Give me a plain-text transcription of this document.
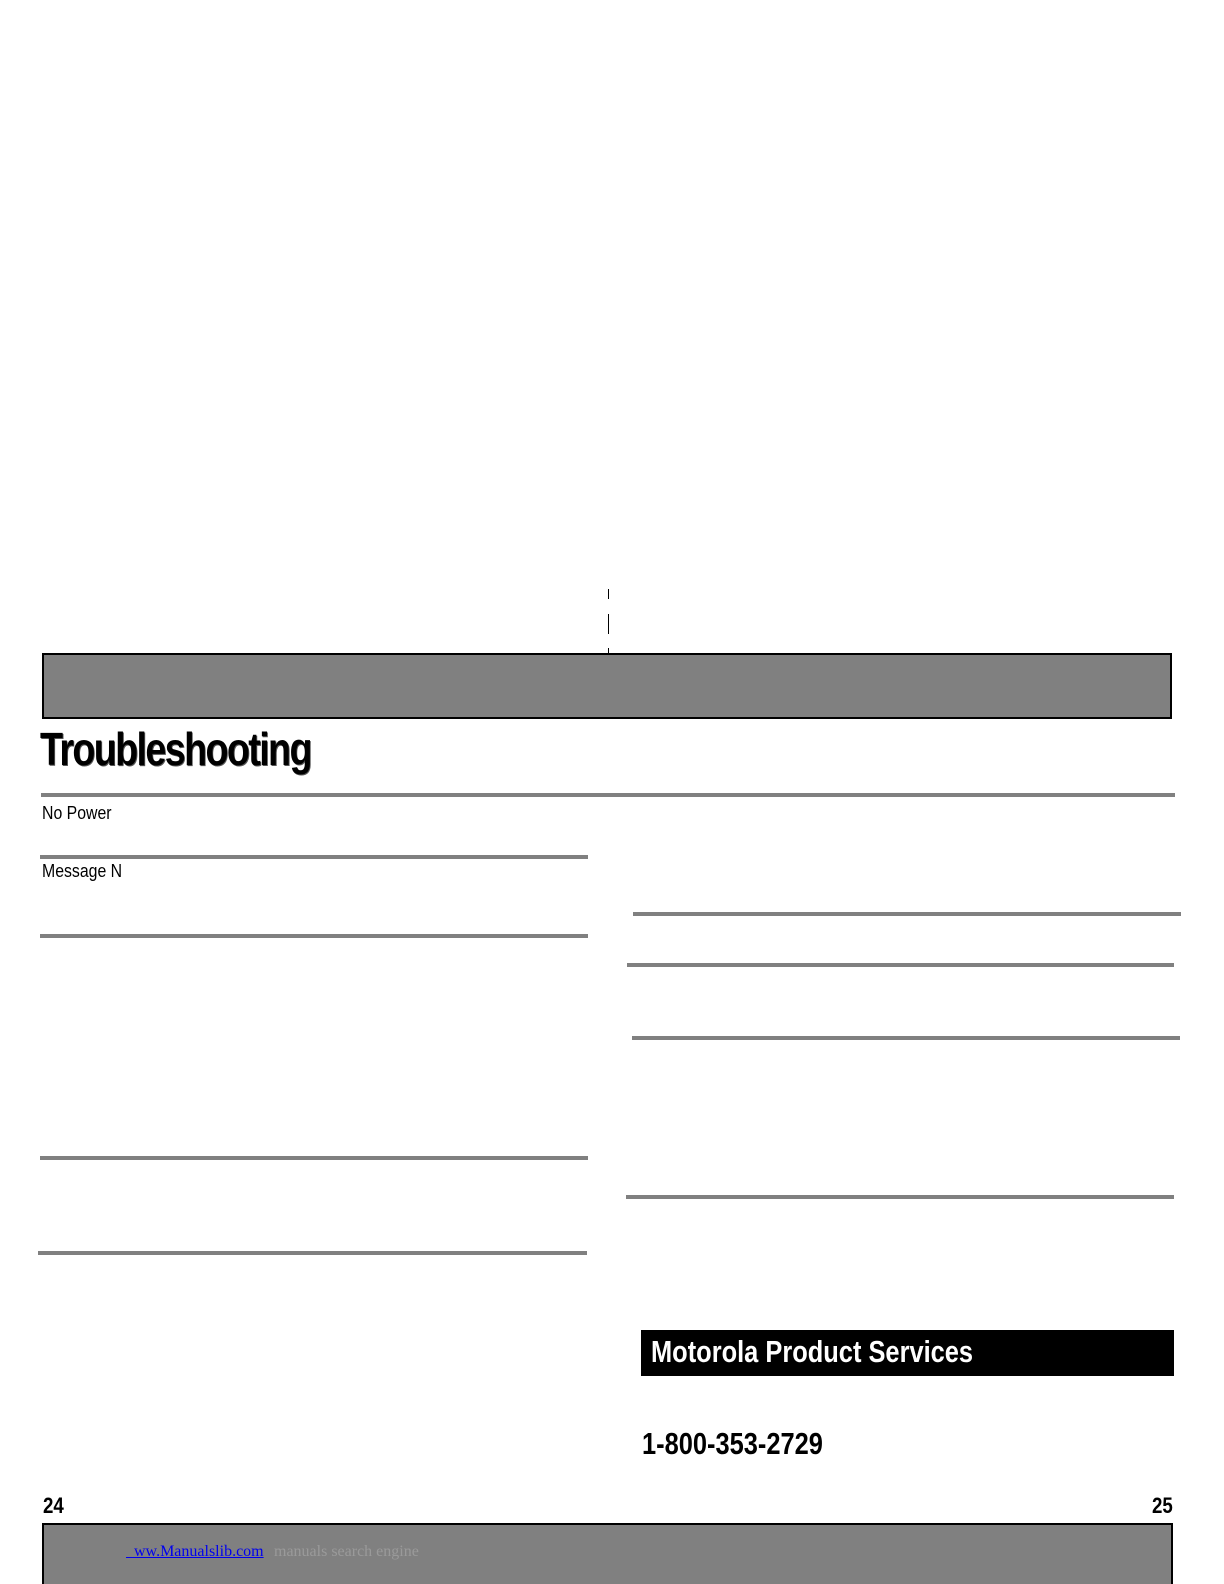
Troubleshooting
No Power
Message N
Motorola Product Services
1-800-353-2729
24	25
ww.Manualslib.com manuals search engine
